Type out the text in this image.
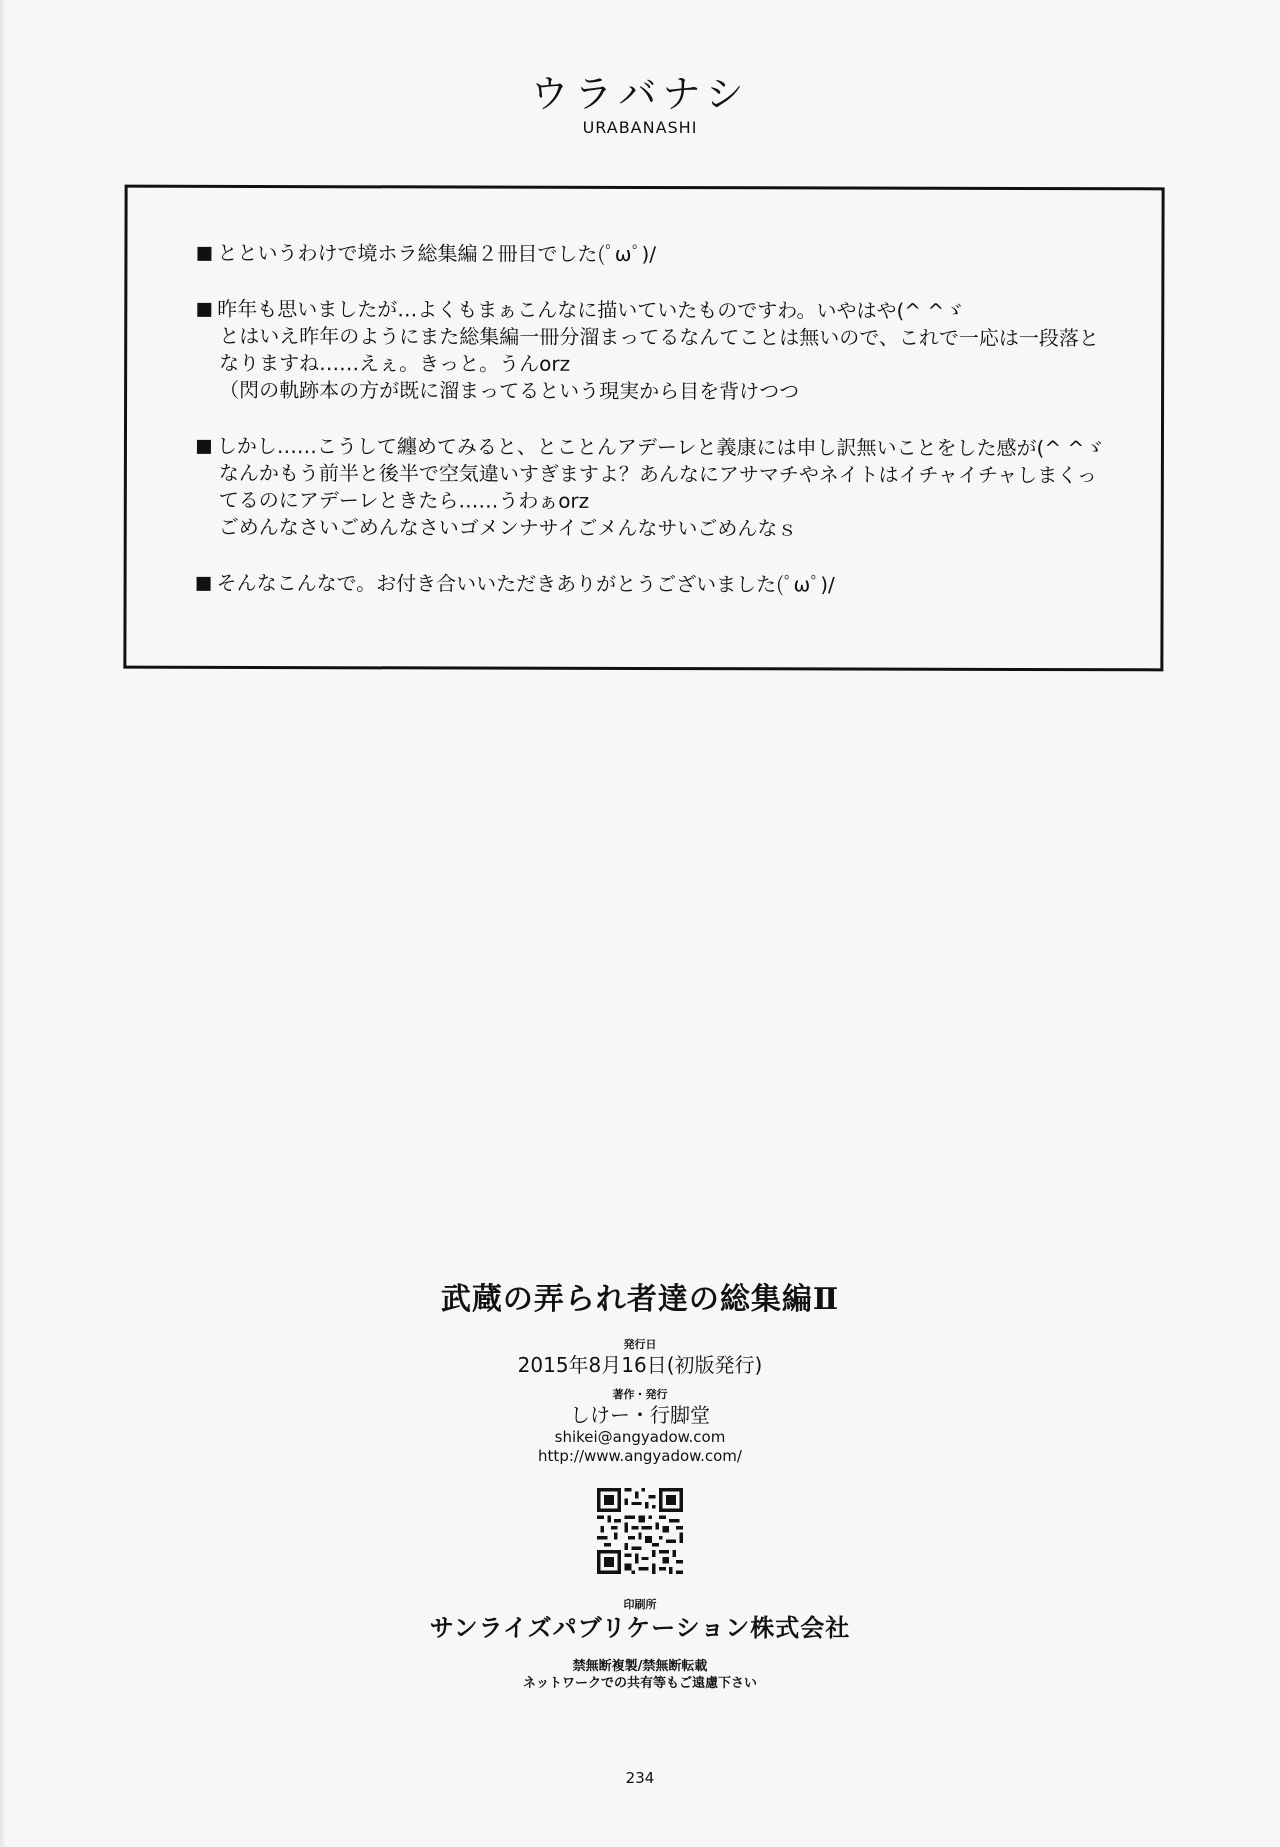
ウラバナシ
URABANASHI
とというわけで境ホラ総集編２冊目でした(ﾟωﾟ)/
昨年も思いましたが…よくもまぁこんなに描いていたものですわ。いやはや(^ ^ゞ
とはいえ昨年のようにまた総集編一冊分溜まってるなんてことは無いので、これで一応は一段落と
なりますね……えぇ。きっと。うんorz
（閃の軌跡本の方が既に溜まってるという現実から目を背けつつ
しかし……こうして纏めてみると、とことんアデーレと義康には申し訳無いことをした感が(^ ^ゞ
なんかもう前半と後半で空気違いすぎますよ？あんなにアサマチやネイトはイチャイチャしまくっ
てるのにアデーレときたら……うわぁorz
ごめんなさいごめんなさいゴメンナサイごメんなサいごめんなｓ
そんなこんなで。お付き合いいただきありがとうございました(ﾟωﾟ)/
武蔵の弄られ者達の総集編Ⅱ
発行日
2015年8月16日(初版発行)
著作・発行
しけー・行脚堂
shikei@angyadow.com
http://www.angyadow.com/
印刷所
サンライズパブリケーション株式会社
禁無断複製/禁無断転載
ネットワークでの共有等もご遠慮下さい
234
